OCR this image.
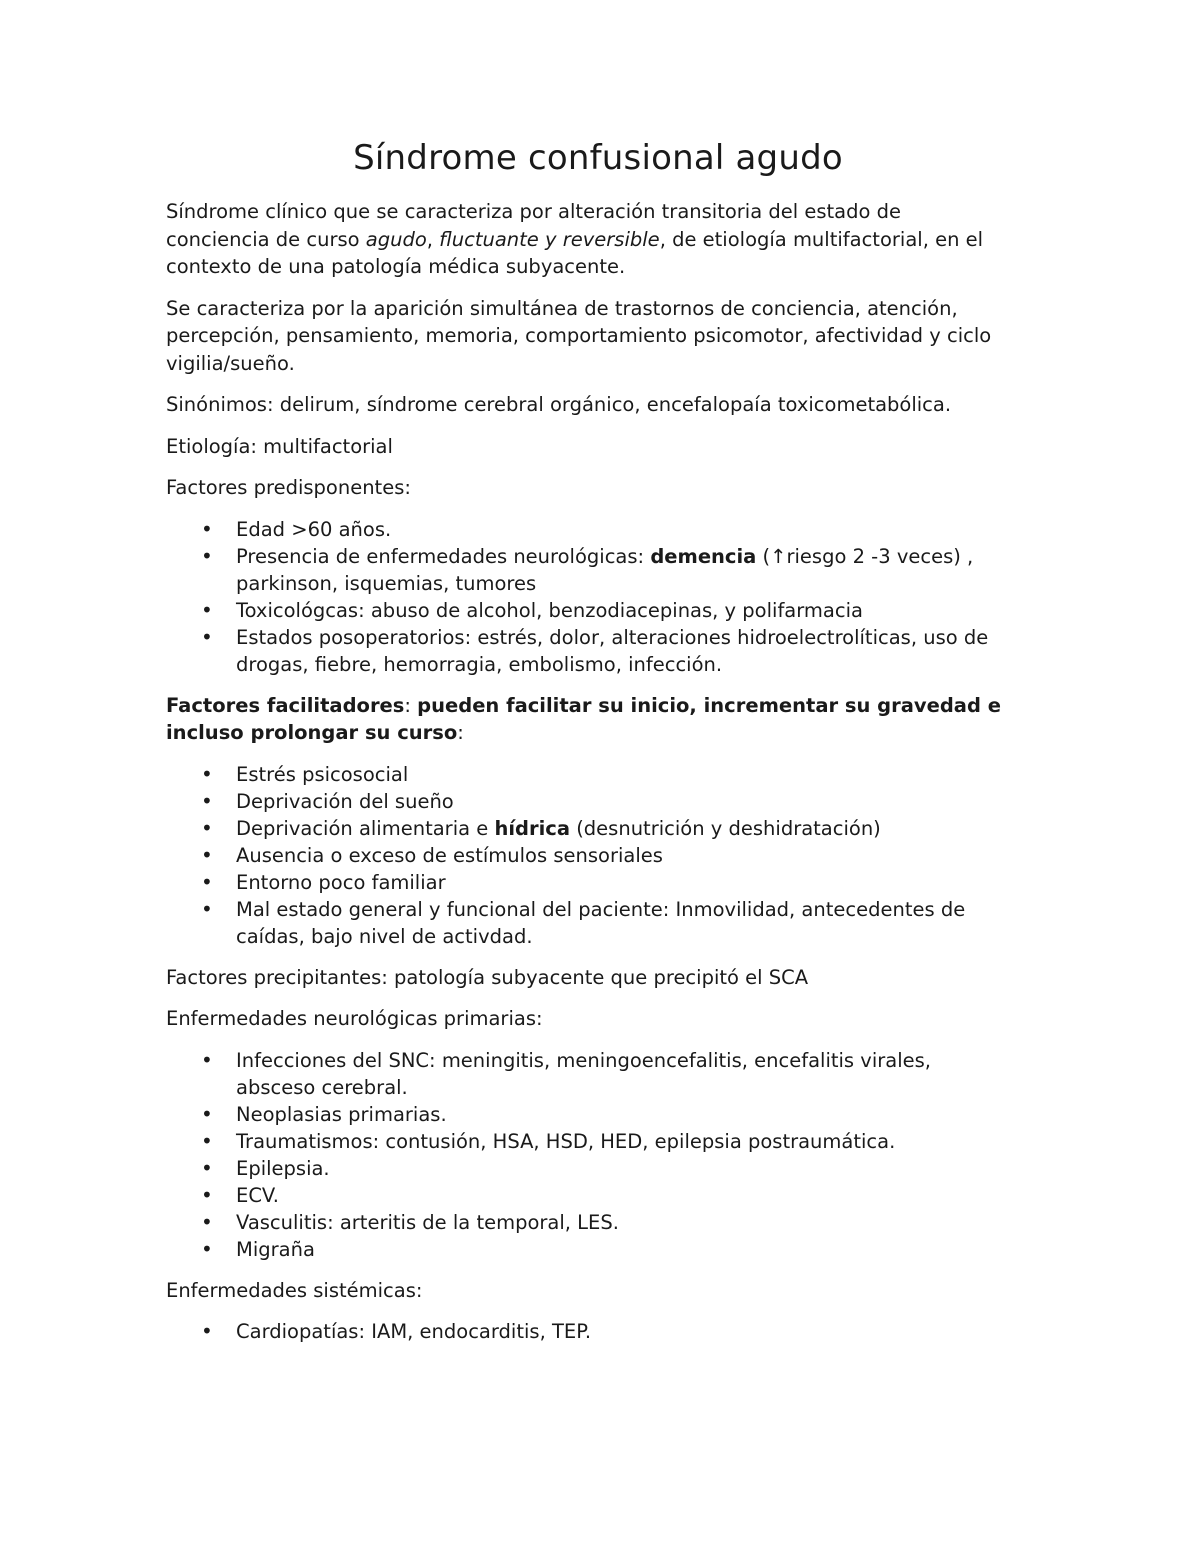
Síndrome confusional agudo

Síndrome clínico que se caracteriza por alteración transitoria del estado de conciencia de curso agudo, fluctuante y reversible, de etiología multifactorial, en el contexto de una patología médica subyacente.

Se caracteriza por la aparición simultánea de trastornos de conciencia, atención, percepción, pensamiento, memoria, comportamiento psicomotor, afectividad y ciclo vigilia/sueño.

Sinónimos: delirum, síndrome cerebral orgánico, encefalopaía toxicometabólica.

Etiología: multifactorial

Factores predisponentes:

• Edad >60 años.
• Presencia de enfermedades neurológicas: demencia (↑riesgo 2 -3 veces) , parkinson, isquemias, tumores
• Toxicológcas: abuso de alcohol, benzodiacepinas, y polifarmacia
• Estados posoperatorios: estrés, dolor, alteraciones hidroelectrolíticas, uso de drogas, fiebre, hemorragia, embolismo, infección.

Factores facilitadores: pueden facilitar su inicio, incrementar su gravedad e incluso prolongar su curso:

• Estrés psicosocial
• Deprivación del sueño
• Deprivación alimentaria e hídrica (desnutrición y deshidratación)
• Ausencia o exceso de estímulos sensoriales
• Entorno poco familiar
• Mal estado general y funcional del paciente: Inmovilidad, antecedentes de caídas, bajo nivel de activdad.

Factores precipitantes: patología subyacente que precipitó el SCA

Enfermedades neurológicas primarias:

• Infecciones del SNC: meningitis, meningoencefalitis, encefalitis virales, absceso cerebral.
• Neoplasias primarias.
• Traumatismos: contusión, HSA, HSD, HED, epilepsia postraumática.
• Epilepsia.
• ECV.
• Vasculitis: arteritis de la temporal, LES.
• Migraña

Enfermedades sistémicas:

• Cardiopatías: IAM, endocarditis, TEP.
